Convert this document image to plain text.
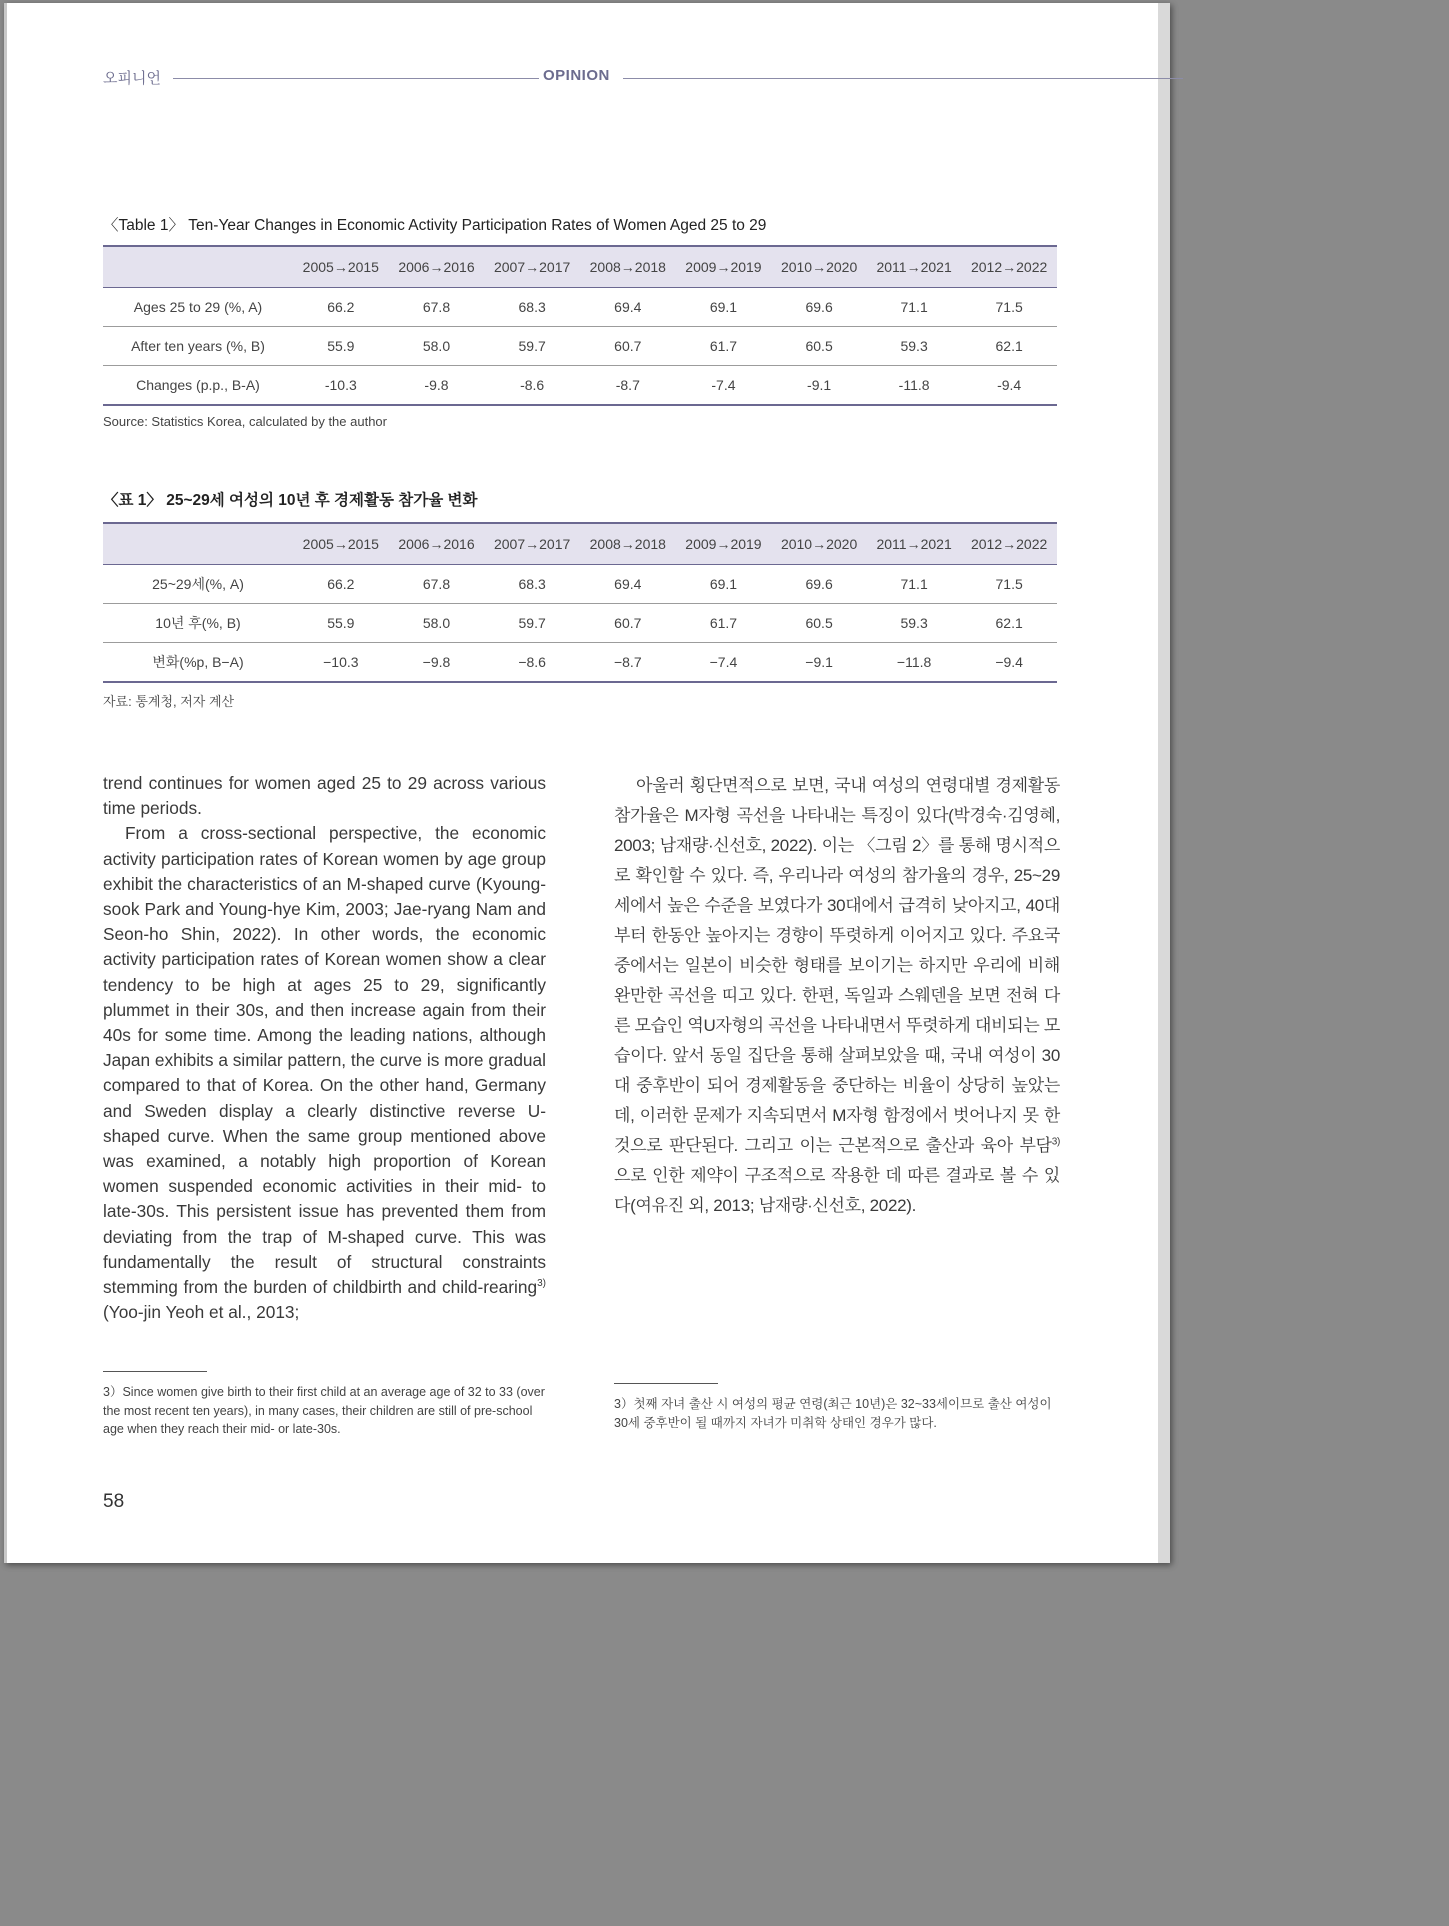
오피니언	OPINION
〈Table 1〉 Ten-Year Changes in Economic Activity Participation Rates of Women Aged 25 to 29
	2005→2015	2006→2016	2007→2017	2008→2018	2009→2019	2010→2020	2011→2021	2012→2022
Ages 25 to 29 (%, A)	66.2	67.8	68.3	69.4	69.1	69.6	71.1	71.5
After ten years (%, B)	55.9	58.0	59.7	60.7	61.7	60.5	59.3	62.1
Changes (p.p., B-A)	-10.3	-9.8	-8.6	-8.7	-7.4	-9.1	-11.8	-9.4
Source: Statistics Korea, calculated by the author
〈표 1〉 25~29세 여성의 10년 후 경제활동 참가율 변화
	2005→2015	2006→2016	2007→2017	2008→2018	2009→2019	2010→2020	2011→2021	2012→2022
25~29세(%, A)	66.2	67.8	68.3	69.4	69.1	69.6	71.1	71.5
10년 후(%, B)	55.9	58.0	59.7	60.7	61.7	60.5	59.3	62.1
변화(%p, B−A)	−10.3	−9.8	−8.6	−8.7	−7.4	−9.1	−11.8	−9.4
자료: 통계청, 저자 계산

trend continues for women aged 25 to 29 across various time periods.

From a cross-sectional perspective, the economic activity participation rates of Korean women by age group exhibit the characteristics of an M-shaped curve (Kyoung-sook Park and Young-hye Kim, 2003; Jae-ryang Nam and Seon-ho Shin, 2022). In other words, the economic activity participation rates of Korean women show a clear tendency to be high at ages 25 to 29, significantly plummet in their 30s, and then increase again from their 40s for some time. Among the leading nations, although Japan exhibits a similar pattern, the curve is more gradual compared to that of Korea. On the other hand, Germany and Sweden display a clearly distinctive reverse U-shaped curve. When the same group mentioned above was examined, a notably high proportion of Korean women suspended economic activities in their mid- to late-30s. This persistent issue has prevented them from deviating from the trap of M-shaped curve. This was fundamentally the result of structural constraints stemming from the burden of childbirth and child-rearing$^{3)}$ (Yoo-jin Yeoh et al., 2013;

아울러 횡단면적으로 보면, 국내 여성의 연령대별 경제활동 참가율은 M자형 곡선을 나타내는 특징이 있다(박경숙·김영혜, 2003; 남재량·신선호, 2022). 이는 〈그림 2〉를 통해 명시적으로 확인할 수 있다. 즉, 우리나라 여성의 참가율의 경우, 25~29세에서 높은 수준을 보였다가 30대에서 급격히 낮아지고, 40대부터 한동안 높아지는 경향이 뚜렷하게 이어지고 있다. 주요국 중에서는 일본이 비슷한 형태를 보이기는 하지만 우리에 비해 완만한 곡선을 띠고 있다. 한편, 독일과 스웨덴을 보면 전혀 다른 모습인 역U자형의 곡선을 나타내면서 뚜렷하게 대비되는 모습이다. 앞서 동일 집단을 통해 살펴보았을 때, 국내 여성이 30대 중후반이 되어 경제활동을 중단하는 비율이 상당히 높았는데, 이러한 문제가 지속되면서 M자형 함정에서 벗어나지 못 한 것으로 판단된다. 그리고 이는 근본적으로 출산과 육아 부담$^{3)}$으로 인한 제약이 구조적으로 작용한 데 따른 결과로 볼 수 있다(여유진 외, 2013; 남재량·신선호, 2022).

3）Since women give birth to their first child at an average age of 32 to 33 (over the most recent ten years), in many cases, their children are still of pre-school age when they reach their mid- or late-30s.
3）첫째 자녀 출산 시 여성의 평균 연령(최근 10년)은 32~33세이므로 출산 여성이 30세 중후반이 될 때까지 자녀가 미취학 상태인 경우가 많다.
58
